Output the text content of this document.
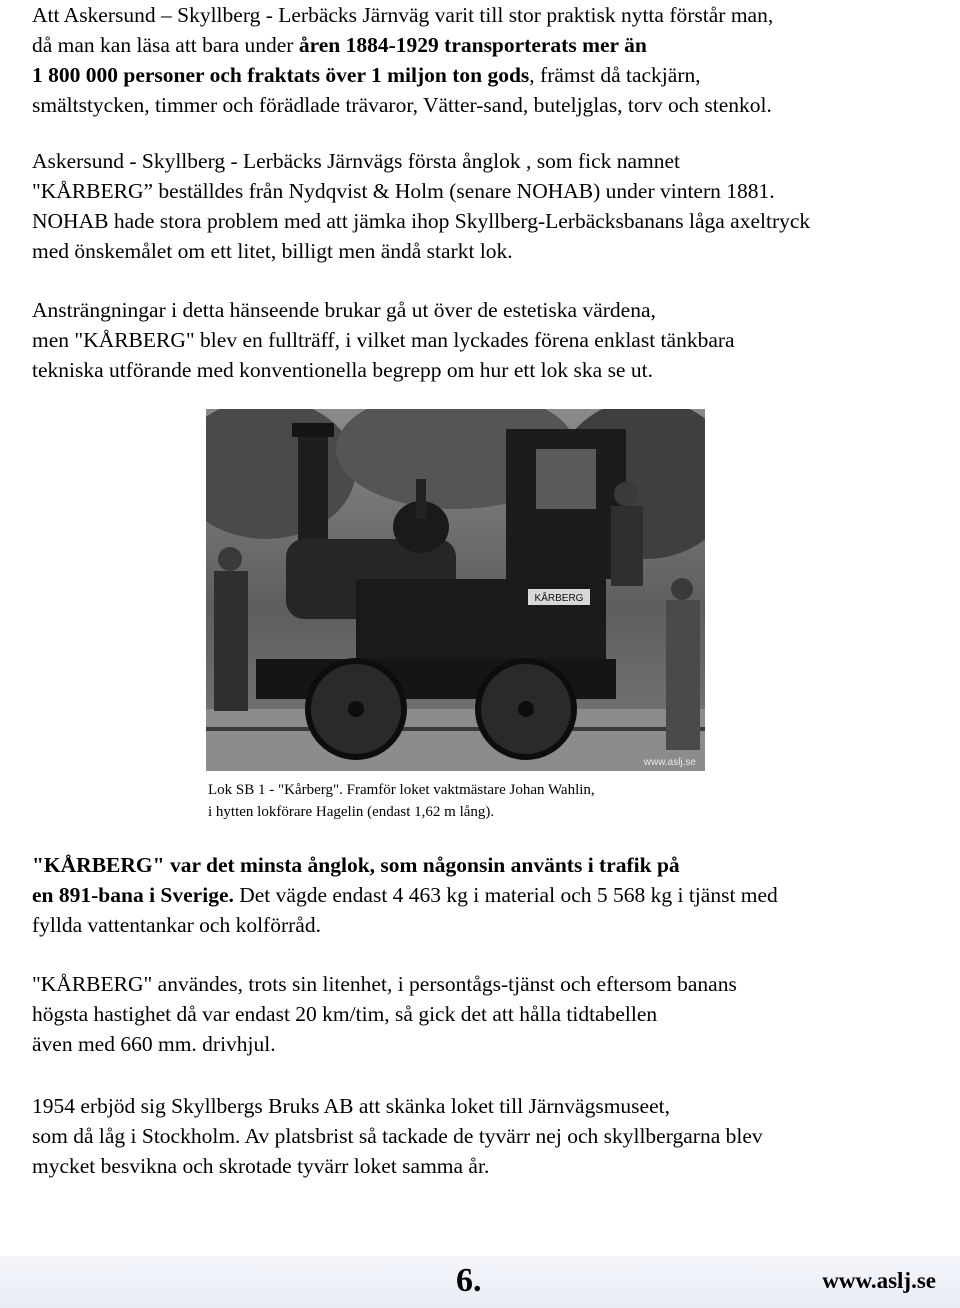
Att Askersund – Skyllberg - Lerbäcks Järnväg varit till stor praktisk nytta förstår man,
då man kan läsa att bara under åren 1884-1929 transporterats mer än
1 800 000 personer och fraktats över 1 miljon ton gods, främst då tackjärn,
smältstycken, timmer och förädlade trävaror, Vätter-sand, buteljglas, torv och stenkol.

Askersund - Skyllberg - Lerbäcks Järnvägs första ånglok , som fick namnet
"KÅRBERG” beställdes från Nydqvist & Holm (senare NOHAB) under vintern 1881.
NOHAB hade stora problem med att jämka ihop Skyllberg-Lerbäcksbanans låga axeltryck
med önskemålet om ett litet, billigt men ändå starkt lok.

Ansträngningar i detta hänseende brukar gå ut över de estetiska värdena,
men "KÅRBERG" blev en fullträff, i vilket man lyckades förena enklast tänkbara
tekniska utförande med konventionella begrepp om hur ett lok ska se ut.

KÅRBERG
www.aslj.se
Lok SB 1 - "Kårberg". Framför loket vaktmästare Johan Wahlin,
i hytten lokförare Hagelin (endast 1,62 m lång).

"KÅRBERG" var det minsta ånglok, som någonsin använts i trafik på
en 891-bana i Sverige. Det vägde endast 4 463 kg i material och 5 568 kg i tjänst med
fyllda vattentankar och kolförråd.

"KÅRBERG" användes, trots sin litenhet, i persontågs-tjänst och eftersom banans
högsta hastighet då var endast 20 km/tim, så gick det att hålla tidtabellen
även med 660 mm. drivhjul.

1954 erbjöd sig Skyllbergs Bruks AB att skänka loket till Järnvägsmuseet,
som då låg i Stockholm. Av platsbrist så tackade de tyvärr nej och skyllbergarna blev
mycket besvikna och skrotade tyvärr loket samma år.

6.	www.aslj.se
